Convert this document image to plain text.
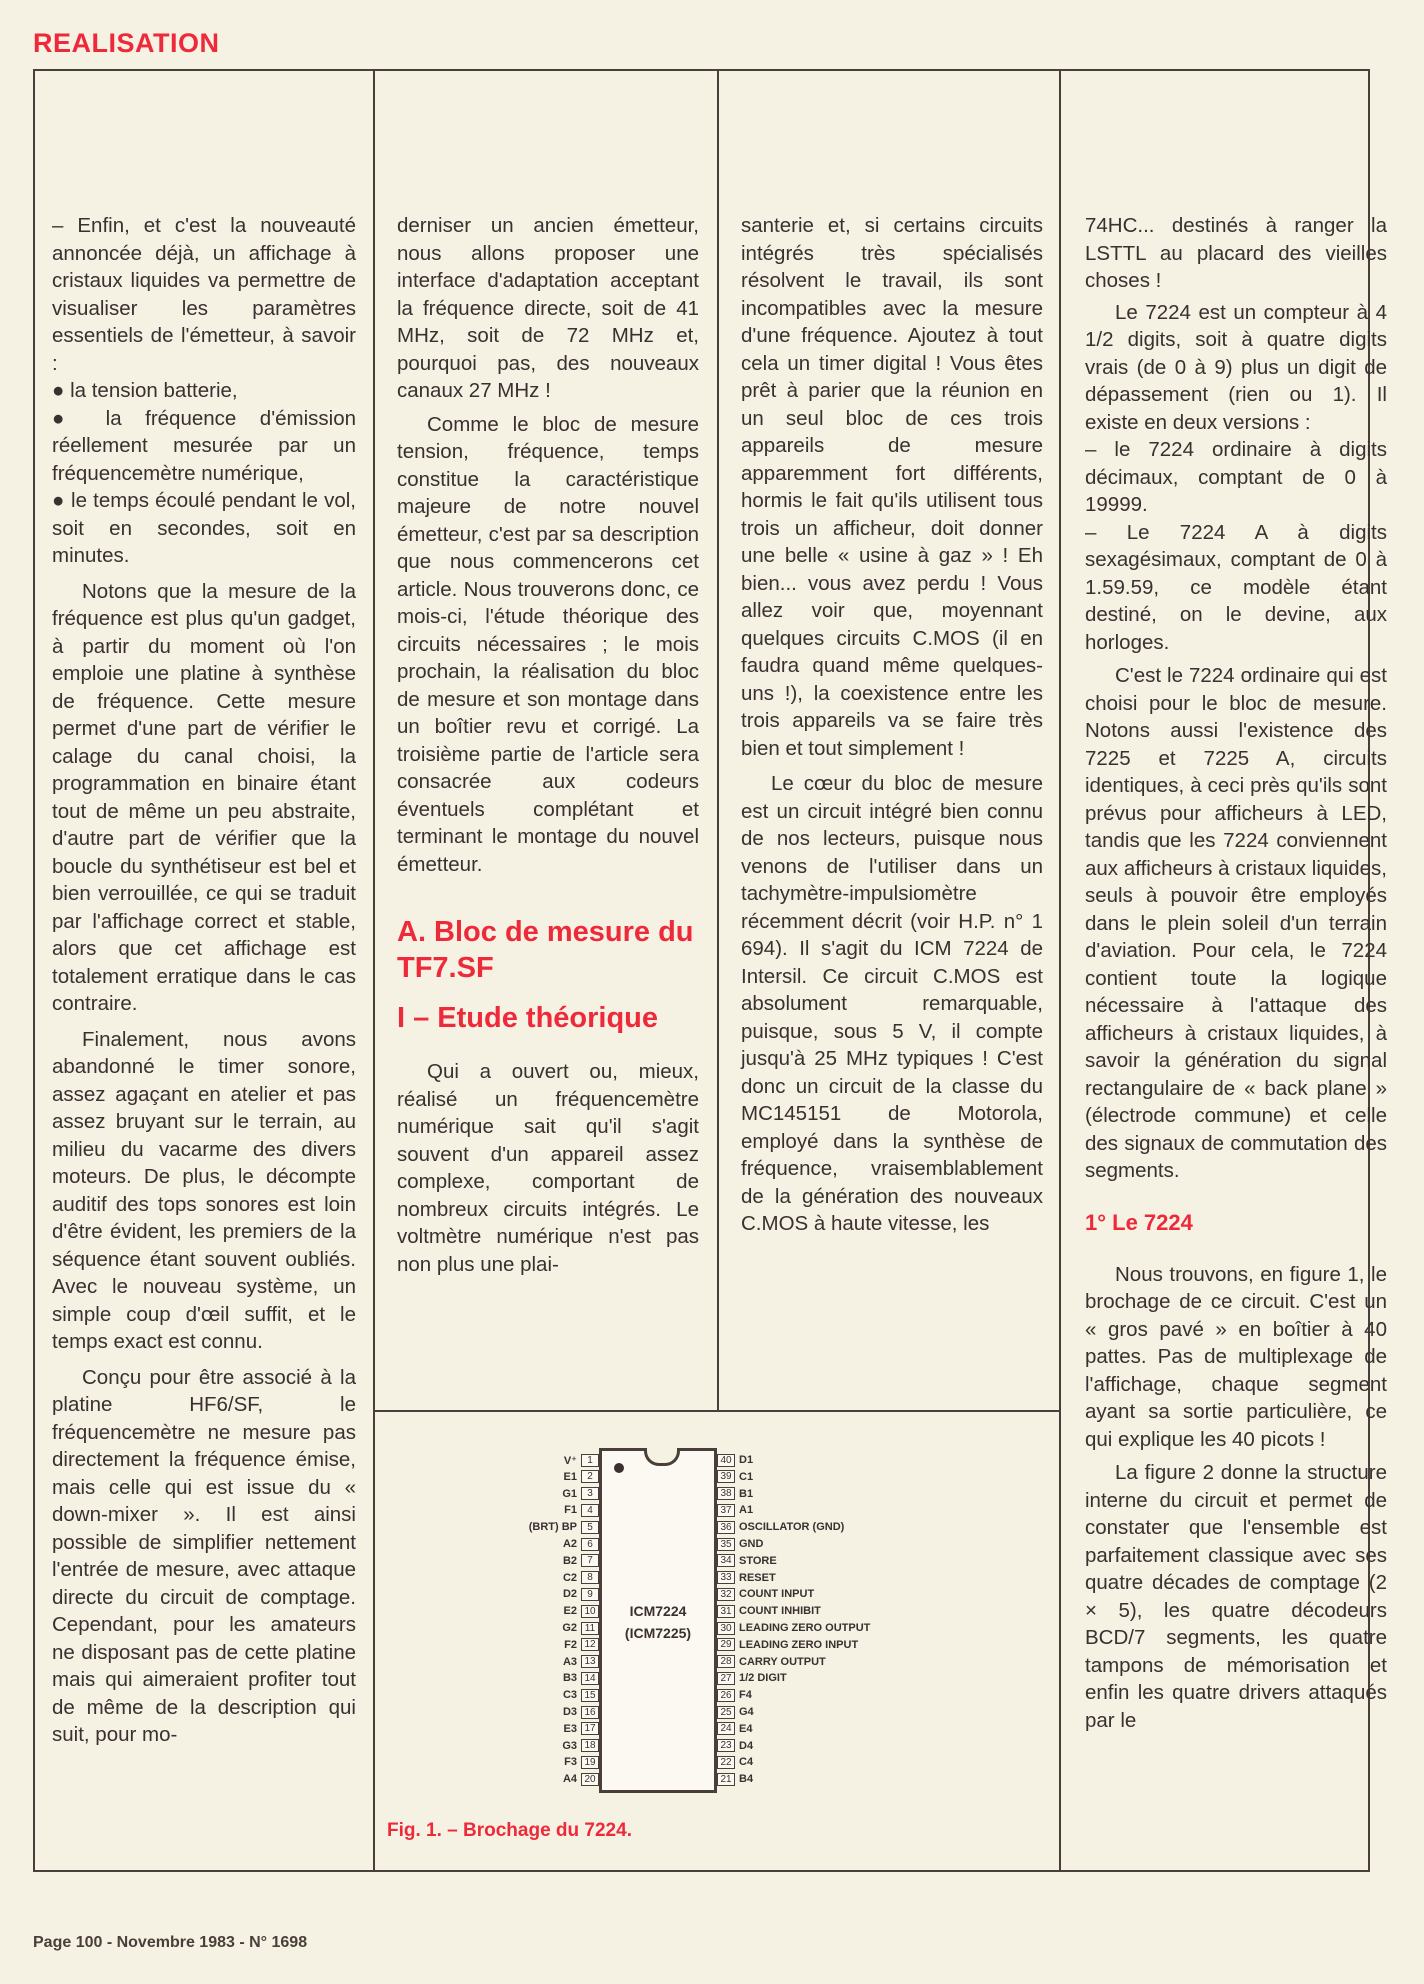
REALISATION

– Enfin, et c'est la nouveauté annoncée déjà, un affichage à cristaux liquides va permettre de visualiser les paramètres essentiels de l'émetteur, à savoir :

● la tension batterie,

● la fréquence d'émission réellement mesurée par un fréquencemètre numérique,

● le temps écoulé pendant le vol, soit en secondes, soit en minutes.

Notons que la mesure de la fréquence est plus qu'un gadget, à partir du moment où l'on emploie une platine à synthèse de fréquence. Cette mesure permet d'une part de vérifier le calage du canal choisi, la programmation en binaire étant tout de même un peu abstraite, d'autre part de vérifier que la boucle du synthétiseur est bel et bien verrouillée, ce qui se traduit par l'affichage correct et stable, alors que cet affichage est totalement erratique dans le cas contraire.

Finalement, nous avons abandonné le timer sonore, assez agaçant en atelier et pas assez bruyant sur le terrain, au milieu du vacarme des divers moteurs. De plus, le décompte auditif des tops sonores est loin d'être évident, les premiers de la séquence étant souvent oubliés. Avec le nouveau système, un simple coup d'œil suffit, et le temps exact est connu.

Conçu pour être associé à la platine HF6/SF, le fréquencemètre ne mesure pas directement la fréquence émise, mais celle qui est issue du « down-mixer ». Il est ainsi possible de simplifier nettement l'entrée de mesure, avec attaque directe du circuit de comptage. Cependant, pour les amateurs ne disposant pas de cette platine mais qui aimeraient profiter tout de même de la description qui suit, pour mo-

derniser un ancien émetteur, nous allons proposer une interface d'adaptation acceptant la fréquence directe, soit de 41 MHz, soit de 72 MHz et, pourquoi pas, des nouveaux canaux 27 MHz !

Comme le bloc de mesure tension, fréquence, temps constitue la caractéristique majeure de notre nouvel émetteur, c'est par sa description que nous commencerons cet article. Nous trouverons donc, ce mois-ci, l'étude théorique des circuits nécessaires ; le mois prochain, la réalisation du bloc de mesure et son montage dans un boîtier revu et corrigé. La troisième partie de l'article sera consacrée aux codeurs éventuels complétant et terminant le montage du nouvel émetteur.

A. Bloc de mesure du TF7.SF
I – Etude théorique

Qui a ouvert ou, mieux, réalisé un fréquencemètre numérique sait qu'il s'agit souvent d'un appareil assez complexe, comportant de nombreux circuits intégrés. Le voltmètre numérique n'est pas non plus une plai-

santerie et, si certains circuits intégrés très spécialisés résolvent le travail, ils sont incompatibles avec la mesure d'une fréquence. Ajoutez à tout cela un timer digital ! Vous êtes prêt à parier que la réunion en un seul bloc de ces trois appareils de mesure apparemment fort différents, hormis le fait qu'ils utilisent tous trois un afficheur, doit donner une belle « usine à gaz » ! Eh bien... vous avez perdu ! Vous allez voir que, moyennant quelques circuits C.MOS (il en faudra quand même quelques-uns !), la coexistence entre les trois appareils va se faire très bien et tout simplement !

Le cœur du bloc de mesure est un circuit intégré bien connu de nos lecteurs, puisque nous venons de l'utiliser dans un tachymètre-impulsiomètre récemment décrit (voir H.P. n° 1 694). Il s'agit du ICM 7224 de Intersil. Ce circuit C.MOS est absolument remarquable, puisque, sous 5 V, il compte jusqu'à 25 MHz typiques ! C'est donc un circuit de la classe du MC145151 de Motorola, employé dans la synthèse de fréquence, vraisemblablement de la génération des nouveaux C.MOS à haute vitesse, les

74HC... destinés à ranger la LSTTL au placard des vieilles choses !

Le 7224 est un compteur à 4 1/2 digits, soit à quatre digits vrais (de 0 à 9) plus un digit de dépassement (rien ou 1). Il existe en deux versions :

– le 7224 ordinaire à digits décimaux, comptant de 0 à 19999.

– Le 7224 A à digits sexagésimaux, comptant de 0 à 1.59.59, ce modèle étant destiné, on le devine, aux horloges.

C'est le 7224 ordinaire qui est choisi pour le bloc de mesure. Notons aussi l'existence des 7225 et 7225 A, circuits identiques, à ceci près qu'ils sont prévus pour afficheurs à LED, tandis que les 7224 conviennent aux afficheurs à cristaux liquides, seuls à pouvoir être employés dans le plein soleil d'un terrain d'aviation. Pour cela, le 7224 contient toute la logique nécessaire à l'attaque des afficheurs à cristaux liquides, à savoir la génération du signal rectangulaire de « back plane » (électrode commune) et celle des signaux de commutation des segments.

1° Le 7224

Nous trouvons, en figure 1, le brochage de ce circuit. C'est un « gros pavé » en boîtier à 40 pattes. Pas de multiplexage de l'affichage, chaque segment ayant sa sortie particulière, ce qui explique les 40 picots !

La figure 2 donne la structure interne du circuit et permet de constater que l'ensemble est parfaitement classique avec ses quatre décades de comptage (2 × 5), les quatre décodeurs BCD/7 segments, les quatre tampons de mémorisation et enfin les quatre drivers attaqués par le

ICM7224
(ICM7225)
Fig. 1. – Brochage du 7224.
V⁺	1
E1	2
G1	3
F1	4
(BRT) BP	5
A2	6
B2	7
C2	8
D2	9
E2 10
G2 11
F2 12
A3 13
B3 14
C3 15
D3 16
E3 17
G3 18
F3 19
A4 20
40 D1
39 C1
38 B1
37 A1
36 OSCILLATOR (GND)
35 GND
34 STORE
33 RESET
32 COUNT INPUT
31 COUNT INHIBIT
30 LEADING ZERO OUTPUT
29 LEADING ZERO INPUT
28 CARRY OUTPUT
27 1/2 DIGIT
26 F4
25 G4
24 E4
23 D4
22 C4
21 B4
Page 100 - Novembre 1983 - N° 1698
